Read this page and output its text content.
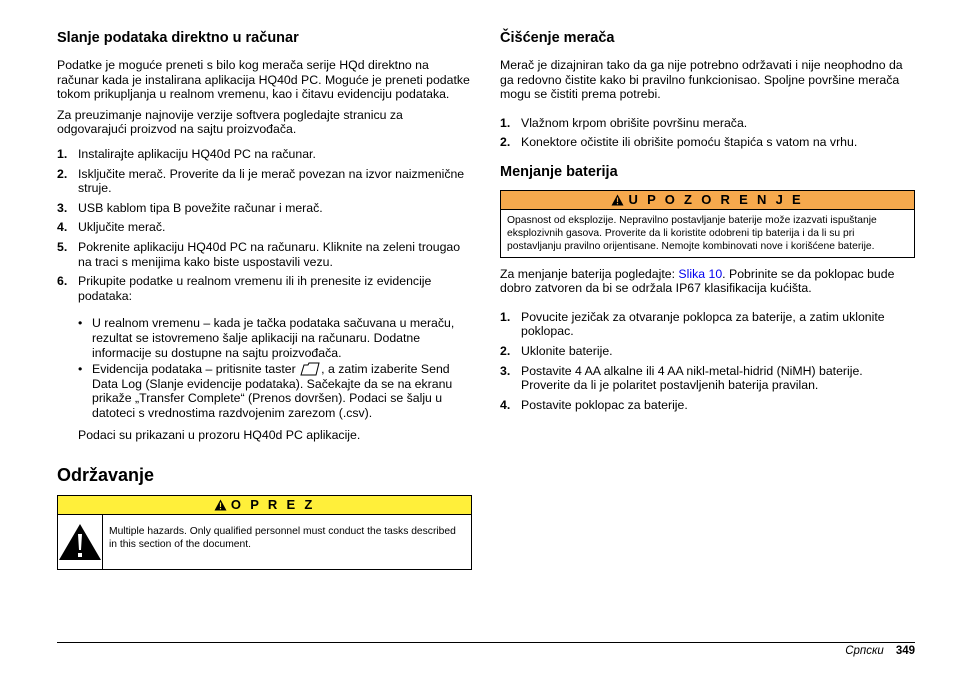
Slanje podataka direktno u računar

Podatke je moguće preneti s bilo kog merača serije HQd direktno na računar kada je instalirana aplikacija HQ40d PC. Moguće je preneti podatke tokom prikupljanja u realnom vremenu, kao i čitavu evidenciju podataka.

Za preuzimanje najnovije verzije softvera pogledajte stranicu za odgovarajući proizvod na sajtu proizvođača.

1. Instalirajte aplikaciju HQ40d PC na računar.
2. Isključite merač. Proverite da li je merač povezan na izvor naizmenične struje.
3. USB kablom tipa B povežite računar i merač.
4. Uključite merač.
5. Pokrenite aplikaciju HQ40d PC na računaru. Kliknite na zeleni trougao na traci s menijima kako biste uspostavili vezu.
6. Prikupite podatke u realnom vremenu ili ih prenesite iz evidencije podataka:
• U realnom vremenu – kada je tačka podataka sačuvana u meraču, rezultat se istovremeno šalje aplikaciji na računaru. Dodatne informacije su dostupne na sajtu proizvođača.
• Evidencija podataka – pritisnite taster , a zatim izaberite Send Data Log (Slanje evidencije podataka). Sačekajte da se na ekranu prikaže „Transfer Complete“ (Prenos dovršen). Podaci se šalju u datoteci s vrednostima razdvojenim zarezom (.csv).

Podaci su prikazani u prozoru HQ40d PC aplikacije.

Održavanje
O P R E Z
Multiple hazards. Only qualified personnel must conduct the tasks described in this section of the document.
Čišćenje merača

Merač je dizajniran tako da ga nije potrebno održavati i nije neophodno da ga redovno čistite kako bi pravilno funkcionisao. Spoljne površine merača mogu se čistiti prema potrebi.

1. Vlažnom krpom obrišite površinu merača.
2. Konektore očistite ili obrišite pomoću štapića s vatom na vrhu.
Menjanje baterija
U P O Z O R E N J E
Opasnost od eksplozije. Nepravilno postavljanje baterije može izazvati ispuštanje eksplozivnih gasova. Proverite da li koristite odobreni tip baterija i da li su pri postavljanju pravilno orijentisane. Nemojte kombinovati nove i korišćene baterije.

Za menjanje baterija pogledajte: Slika 10. Pobrinite se da poklopac bude dobro zatvoren da bi se održala IP67 klasifikacija kućišta.

1. Povucite jezičak za otvaranje poklopca za baterije, a zatim uklonite poklopac.
2. Uklonite baterije.
3. Postavite 4 AA alkalne ili 4 AA nikl-metal-hidrid (NiMH) baterije. Proverite da li je polaritet postavljenih baterija pravilan.
4. Postavite poklopac za baterije.
Српски 349
